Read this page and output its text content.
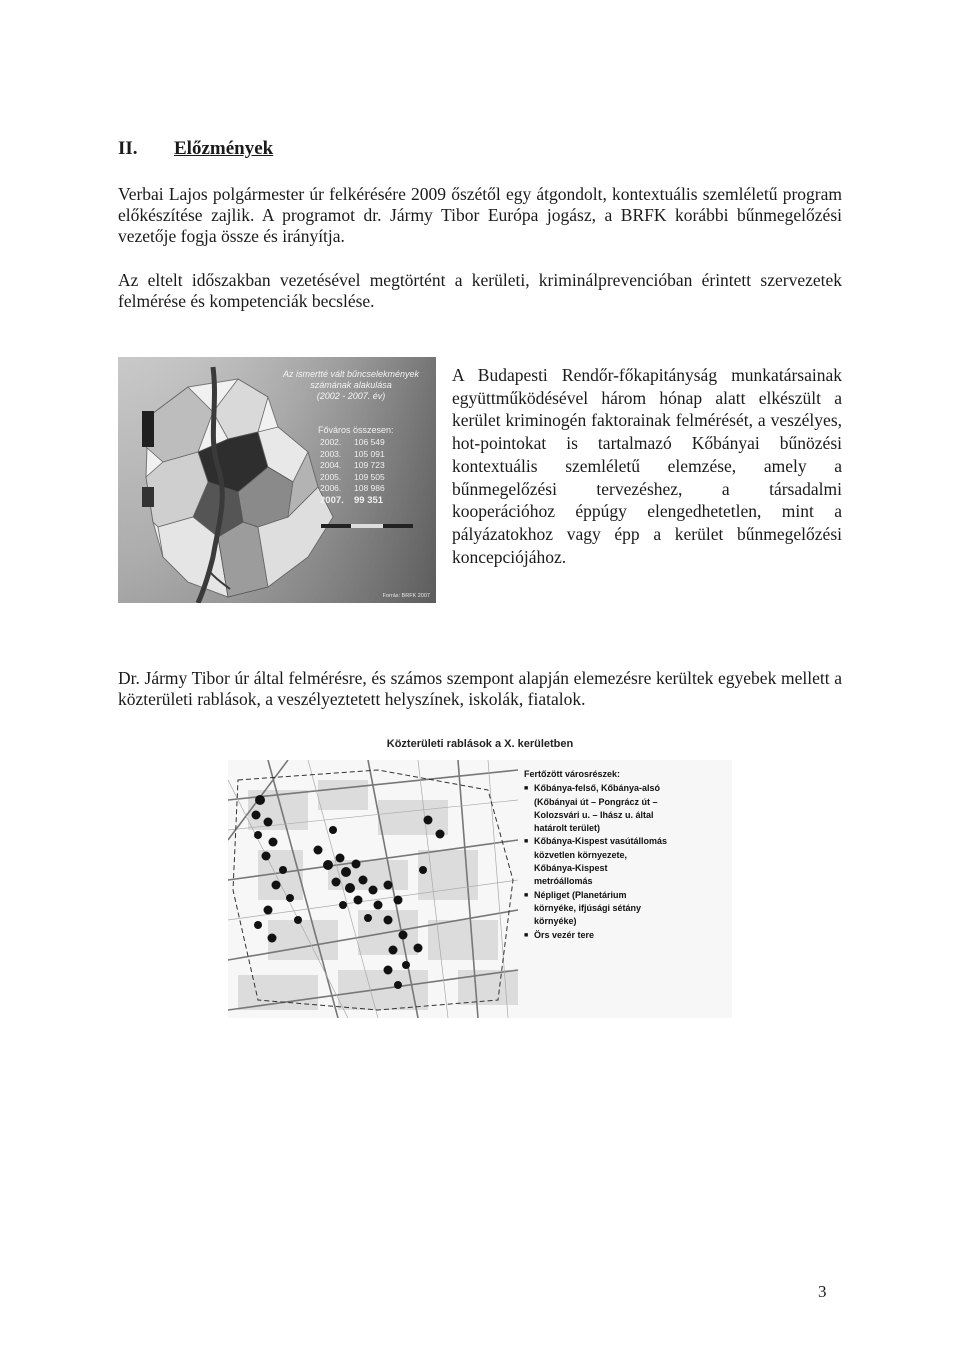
II. Előzmények

Verbai Lajos polgármester úr felkérésére 2009 őszétől egy átgondolt, kontextuális szemléletű program előkészítése zajlik. A programot dr. Jármy Tibor Európa jogász, a BRFK korábbi bűnmegelőzési vezetője fogja össze és irányítja.

Az eltelt időszakban vezetésével megtörtént a kerületi, kriminálprevencióban érintett szervezetek felmérése és kompetenciák becslése.

Az ismertté vált bűncselekmények
számának alakulása
(2002 - 2007. év)
Főváros összesen:
2002.	106 549
2003.	105 091
2004.	109 723
2005.	109 505
2006.	108 986
2007. 99 351
Forrás: BRFK 2007

A Budapesti Rendőr-főkapitányság munkatársainak együttműködésével három hónap alatt elkészült a kerület kriminogén faktorainak felmérését, a veszélyes, hot-pointokat is tartalmazó Kőbányai bűnözési kontextuális szemléletű elemzése, amely a bűnmegelőzési tervezéshez, a társadalmi kooperációhoz éppúgy elengedhetetlen, mint a pályázatokhoz vagy épp a kerület bűnmegelőzési koncepciójához.

Dr. Jármy Tibor úr által felmérésre, és számos szempont alapján elemezésre kerültek egyebek mellett a közterületi rablások, a veszélyeztetett helyszínek, iskolák, fiatalok.

Közterületi rablások a X. kerületben
Fertőzött városrészek:
■ Kőbánya-felső, Kőbánya-alsó
(Kőbányai út – Pongrácz út –
Kolozsvári u. – Ihász u. által
határolt terület)
■ Kőbánya-Kispest vasútállomás
közvetlen környezete,
Kőbánya-Kispest
metróállomás
■ Népliget (Planetárium
környéke, ifjúsági sétány
környéke)
■ Örs vezér tere
3
